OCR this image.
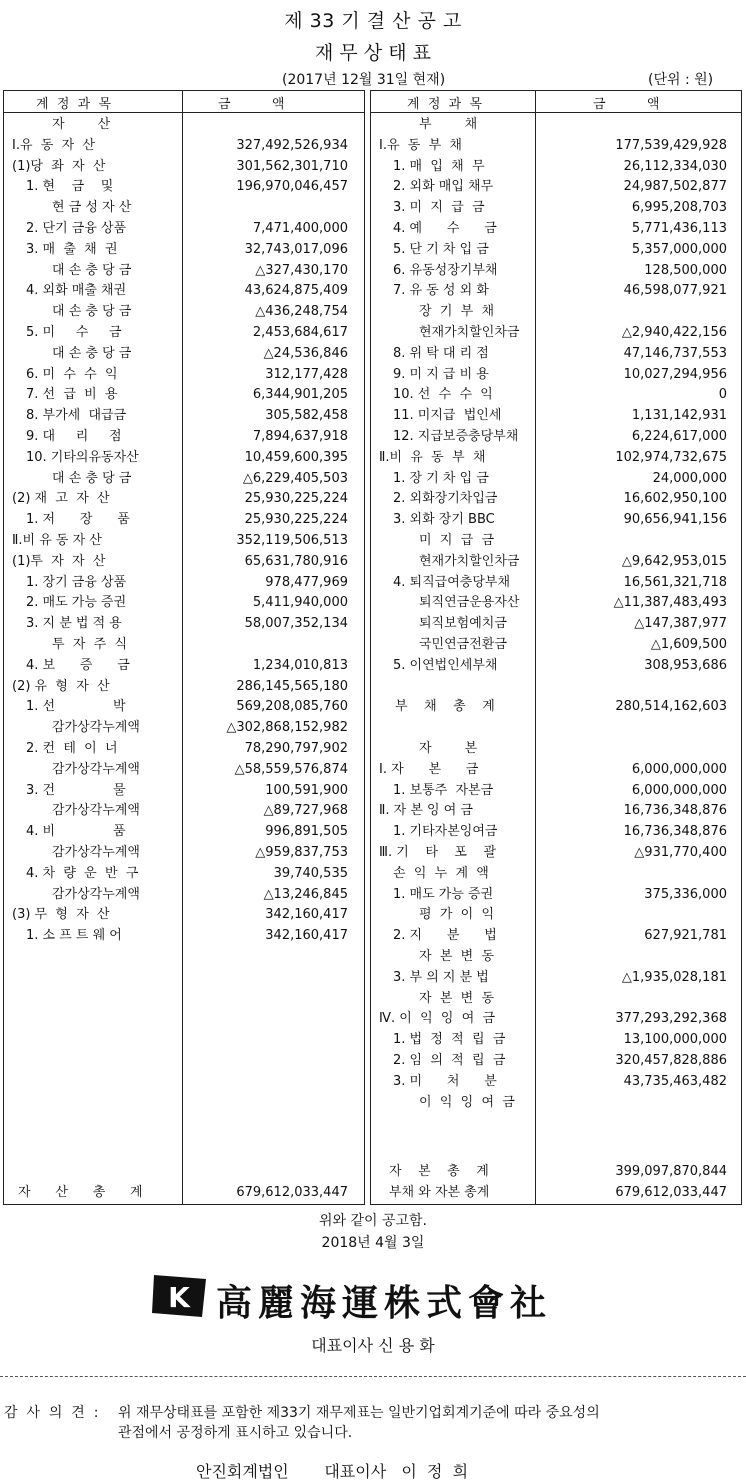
제 33 기 결 산 공 고
재 무 상 태 표
(2017년 12월 31일 현재)	(단위 : 원)
계  정  과  목	금          액
자        산
Ⅰ.유  동  자  산	327,492,526,934
(1)당  좌  자  산	301,562,301,710
1. 현    금    및	196,970,046,457
현 금 성 자 산
2. 단기 금융 상품	7,471,400,000
3. 매  출  채  권	32,743,017,096
대 손 충 당 금	△327,430,170
4. 외화 매출 채권	43,624,875,409
대 손 충 당 금	△436,248,754
5. 미     수     금	2,453,684,617
대 손 충 당 금	△24,536,846
6. 미  수  수  익	312,177,428
7. 선  급  비  용	6,344,901,205
8. 부가세  대급금	305,582,458
9. 대     리     점	7,894,637,918
10. 기타의유동자산	10,459,600,395
대 손 충 당 금	△6,229,405,503
(2) 재  고  자  산	25,930,225,224
1. 저      장      품	25,930,225,224
Ⅱ.비 유 동 자 산	352,119,506,513
(1)투  자  자  산	65,631,780,916
1. 장기 금융 상품	978,477,969
2. 매도 가능 증권	5,411,940,000
3. 지 분 법 적 용	58,007,352,134
투  자  주  식
4. 보      증      금	1,234,010,813
(2) 유  형  자  산	286,145,565,180
1. 선              박	569,208,085,760
감가상각누계액	△302,868,152,982
2. 컨  테  이  너	78,290,797,902
감가상각누계액	△58,559,576,874
3. 건              물	100,591,900
감가상각누계액	△89,727,968
4. 비              품	996,891,505
감가상각누계액	△959,837,753
4. 차  량  운  반  구	39,740,535
감가상각누계액	△13,246,845
(3) 무  형  자  산	342,160,417
1. 소 프 트 웨 어	342,160,417
자      산      총      계	679,612,033,447
계  정  과  목	금          액
부        채
Ⅰ.유  동  부  채	177,539,429,928
1. 매  입  채  무	26,112,334,030
2. 외화 매입 채무	24,987,502,877
3. 미  지  급  금	6,995,208,703
4. 예      수      금	5,771,436,113
5. 단 기 차 입 금	5,357,000,000
6. 유동성장기부채	128,500,000
7. 유 동 성 외 화	46,598,077,921
장  기  부  채
현재가치할인차금	△2,940,422,156
8. 위 탁 대 리 점	47,146,737,553
9. 미 지 급 비 용	10,027,294,956
10. 선  수  수  익	0
11. 미지급  법인세	1,131,142,931
12. 지급보증충당부채	6,224,617,000
Ⅱ.비  유  동  부  채	102,974,732,675
1. 장 기 차 입 금	24,000,000
2. 외화장기차입금	16,602,950,100
3. 외화 장기 BBC	90,656,941,156
미  지  급  금
현재가치할인차금	△9,642,953,015
4. 퇴직급여충당부채	16,561,321,718
퇴직연금운용자산	△11,387,483,493
퇴직보험예치금	△147,387,977
국민연금전환금	△1,609,500
5. 이연법인세부채	308,953,686
부    채    총    계	280,514,162,603
자        본
Ⅰ. 자      본      금	6,000,000,000
1. 보통주  자본금	6,000,000,000
Ⅱ. 자 본 잉 여 금	16,736,348,876
1. 기타자본잉여금	16,736,348,876
Ⅲ. 기    타    포    괄	△931,770,400
손  익  누  계  액
1. 매도 가능 증권	375,336,000
평  가  이  익
2. 지      분      법	627,921,781
자  본  변  동
3. 부 의 지 분 법	△1,935,028,181
자  본  변  동
Ⅳ. 이  익  잉  여  금	377,293,292,368
1. 법  정  적  립  금	13,100,000,000
2. 임  의  적  립  금	320,457,828,886
3. 미      처      분	43,735,463,482
이  익  잉  여  금
자    본    총    계	399,097,870,844
부채 와 자본 총계	679,612,033,447
위와 같이 공고함.
2018년 4월 3일
K 高麗海運株式會社
대표이사 신 용 화
감  사  의  견  : 위 재무상태표를 포함한 제33기 재무제표는 일반기업회계기준에 따라 중요성의
관점에서 공정하게 표시하고 있습니다.
안진회계법인       대표이사   이  정  희
